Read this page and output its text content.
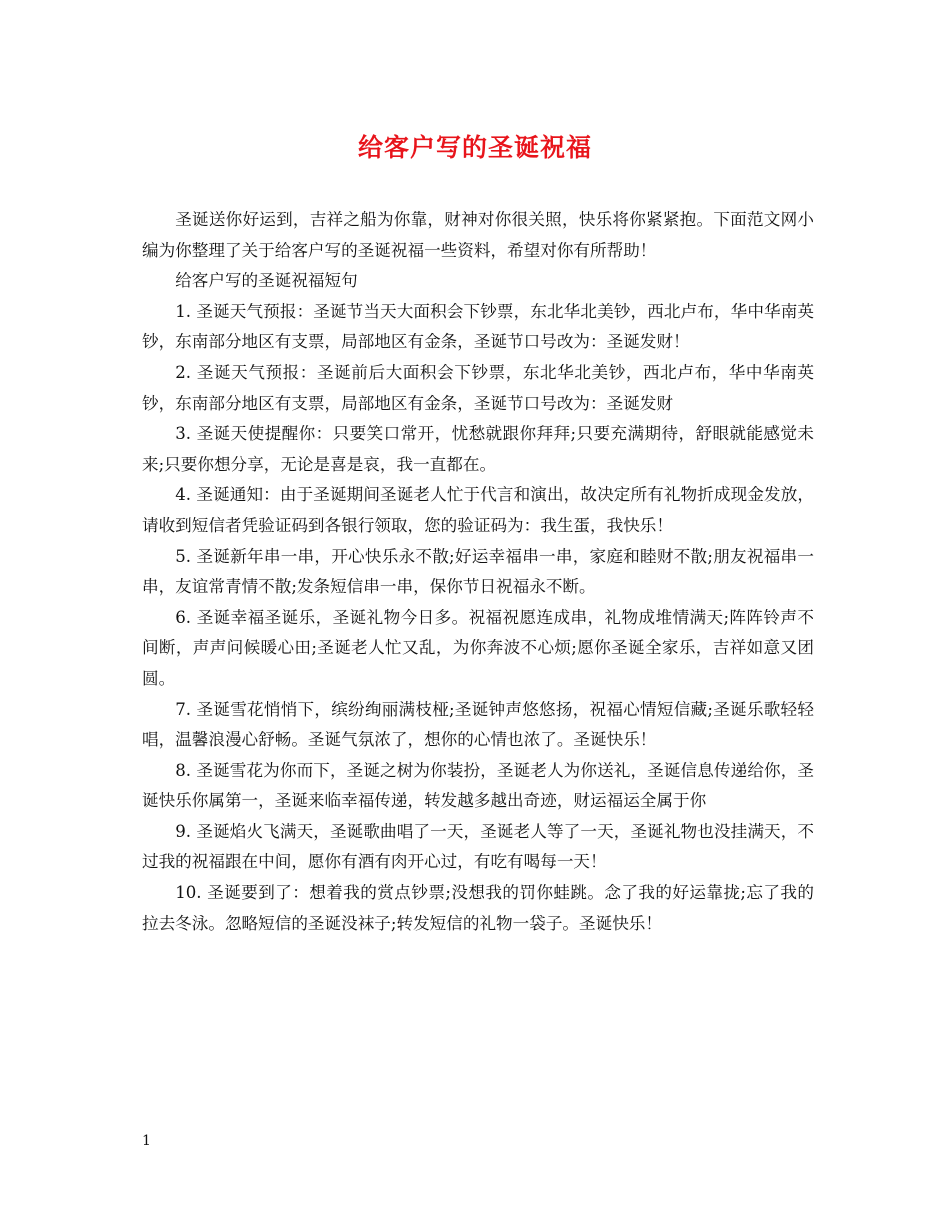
给客户写的圣诞祝福

圣诞送你好运到，吉祥之船为你靠，财神对你很关照，快乐将你紧紧抱。下面范文网小编为你整理了关于给客户写的圣诞祝福一些资料，希望对你有所帮助！

给客户写的圣诞祝福短句

1. 圣诞天气预报：圣诞节当天大面积会下钞票，东北华北美钞，西北卢布，华中华南英钞，东南部分地区有支票，局部地区有金条，圣诞节口号改为：圣诞发财！

2. 圣诞天气预报：圣诞前后大面积会下钞票，东北华北美钞，西北卢布，华中华南英钞，东南部分地区有支票，局部地区有金条，圣诞节口号改为：圣诞发财

3. 圣诞天使提醒你：只要笑口常开，忧愁就跟你拜拜;只要充满期待，舒眼就能感觉未来;只要你想分享，无论是喜是哀，我一直都在。

4. 圣诞通知：由于圣诞期间圣诞老人忙于代言和演出，故决定所有礼物折成现金发放，请收到短信者凭验证码到各银行领取，您的验证码为：我生蛋，我快乐！

5. 圣诞新年串一串，开心快乐永不散;好运幸福串一串，家庭和睦财不散;朋友祝福串一串，友谊常青情不散;发条短信串一串，保你节日祝福永不断。

6. 圣诞幸福圣诞乐，圣诞礼物今日多。祝福祝愿连成串，礼物成堆情满天;阵阵铃声不间断，声声问候暖心田;圣诞老人忙又乱，为你奔波不心烦;愿你圣诞全家乐，吉祥如意又团圆。

7. 圣诞雪花悄悄下，缤纷绚丽满枝桠;圣诞钟声悠悠扬，祝福心情短信藏;圣诞乐歌轻轻唱，温馨浪漫心舒畅。圣诞气氛浓了，想你的心情也浓了。圣诞快乐！

8. 圣诞雪花为你而下，圣诞之树为你装扮，圣诞老人为你送礼，圣诞信息传递给你，圣诞快乐你属第一，圣诞来临幸福传递，转发越多越出奇迹，财运福运全属于你

9. 圣诞焰火飞满天，圣诞歌曲唱了一天，圣诞老人等了一天，圣诞礼物也没挂满天，不过我的祝福跟在中间，愿你有酒有肉开心过，有吃有喝每一天！

10. 圣诞要到了：想着我的赏点钞票;没想我的罚你蛙跳。念了我的好运靠拢;忘了我的拉去冬泳。忽略短信的圣诞没袜子;转发短信的礼物一袋子。圣诞快乐！

1
